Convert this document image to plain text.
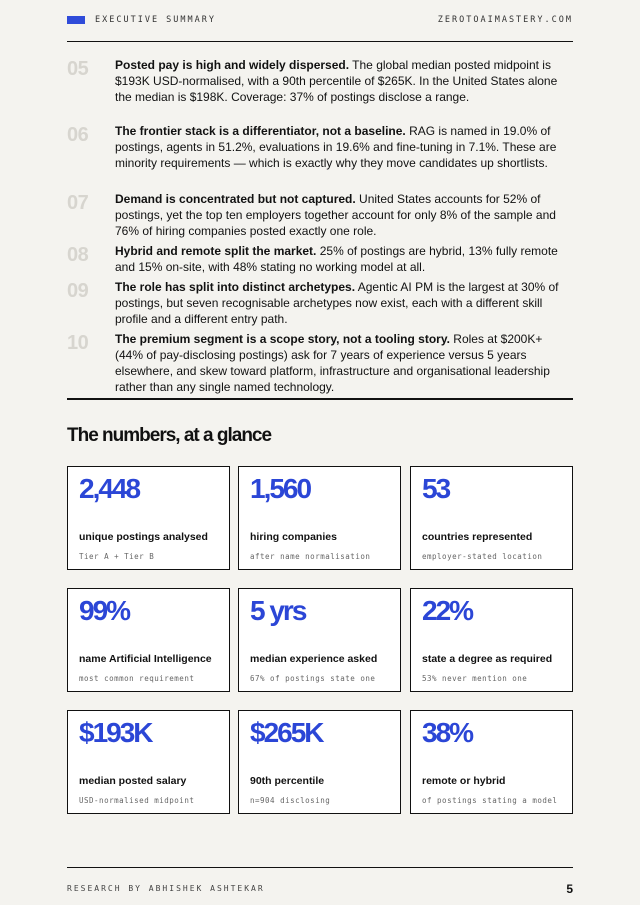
EXECUTIVE SUMMARY	ZEROTOAIMASTERY.COM
05 Posted pay is high and widely dispersed. The global median posted midpoint is $193K USD-normalised, with a 90th percentile of $265K. In the United States alone the median is $198K. Coverage: 37% of postings disclose a range.

06 The frontier stack is a differentiator, not a baseline. RAG is named in 19.0% of postings, agents in 51.2%, evaluations in 19.6% and fine-tuning in 7.1%. These are minority requirements — which is exactly why they move candidates up shortlists.

07 Demand is concentrated but not captured. United States accounts for 52% of postings, yet the top ten employers together account for only 8% of the sample and 76% of hiring companies posted exactly one role.

08 Hybrid and remote split the market. 25% of postings are hybrid, 13% fully remote and 15% on-site, with 48% stating no working model at all.

09 The role has split into distinct archetypes. Agentic AI PM is the largest at 30% of postings, but seven recognisable archetypes now exist, each with a different skill profile and a different entry path.

10 The premium segment is a scope story, not a tooling story. Roles at $200K+ (44% of pay-disclosing postings) ask for 7 years of experience versus 5 years elsewhere, and skew toward platform, infrastructure and organisational leadership rather than any single named technology.

The numbers, at a glance
2,448
unique postings analysed
Tier A + Tier B
1,560
hiring companies
after name normalisation
53
countries represented
employer-stated location
99%
name Artificial Intelligence
most common requirement
5 yrs
median experience asked
67% of postings state one
22%
state a degree as required
53% never mention one
$193K
median posted salary
USD-normalised midpoint
$265K
90th percentile
n=904 disclosing
38%
remote or hybrid
of postings stating a model
RESEARCH BY ABHISHEK ASHTEKAR	5
